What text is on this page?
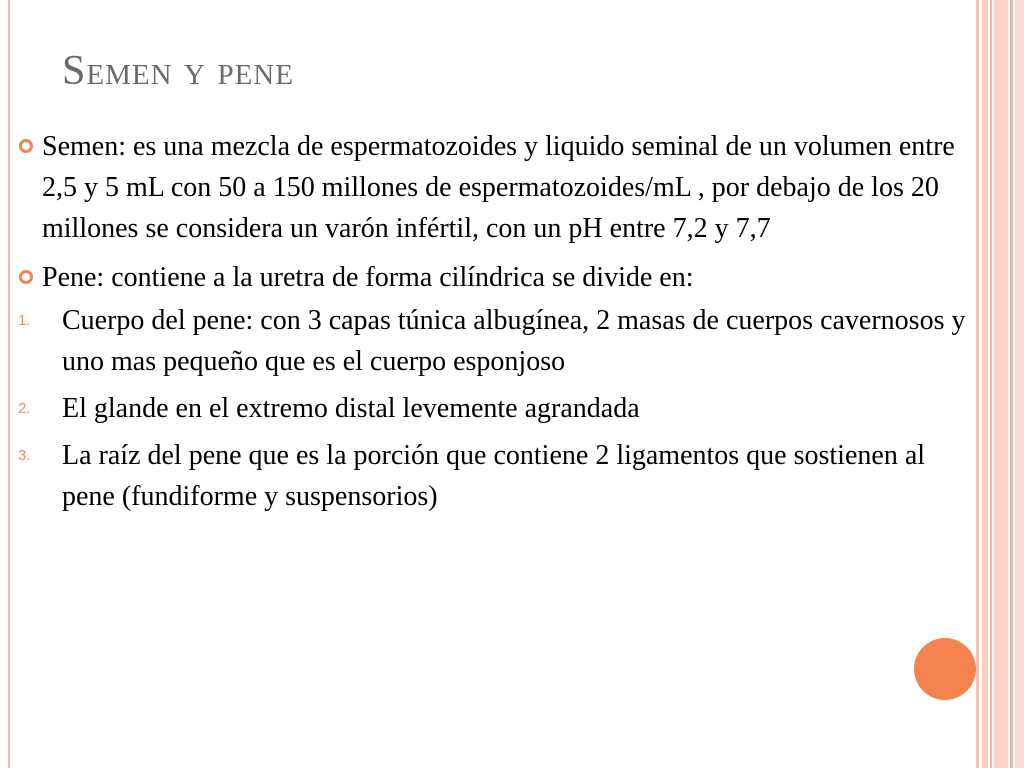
Semen y pene
Semen: es una mezcla de espermatozoides y liquido seminal de un volumen entre 2,5 y 5 mL con 50 a 150 millones de espermatozoides/mL , por debajo de los 20 millones se considera un varón infértil, con un pH entre 7,2 y 7,7
Pene: contiene a la uretra de forma cilíndrica se divide en:
1. Cuerpo del pene: con 3 capas túnica albugínea, 2 masas de cuerpos cavernosos y uno mas pequeño que es el cuerpo esponjoso
2. El glande en el extremo distal levemente agrandada
3. La raíz del pene que es la porción que contiene 2 ligamentos que sostienen al pene (fundiforme y suspensorios)
